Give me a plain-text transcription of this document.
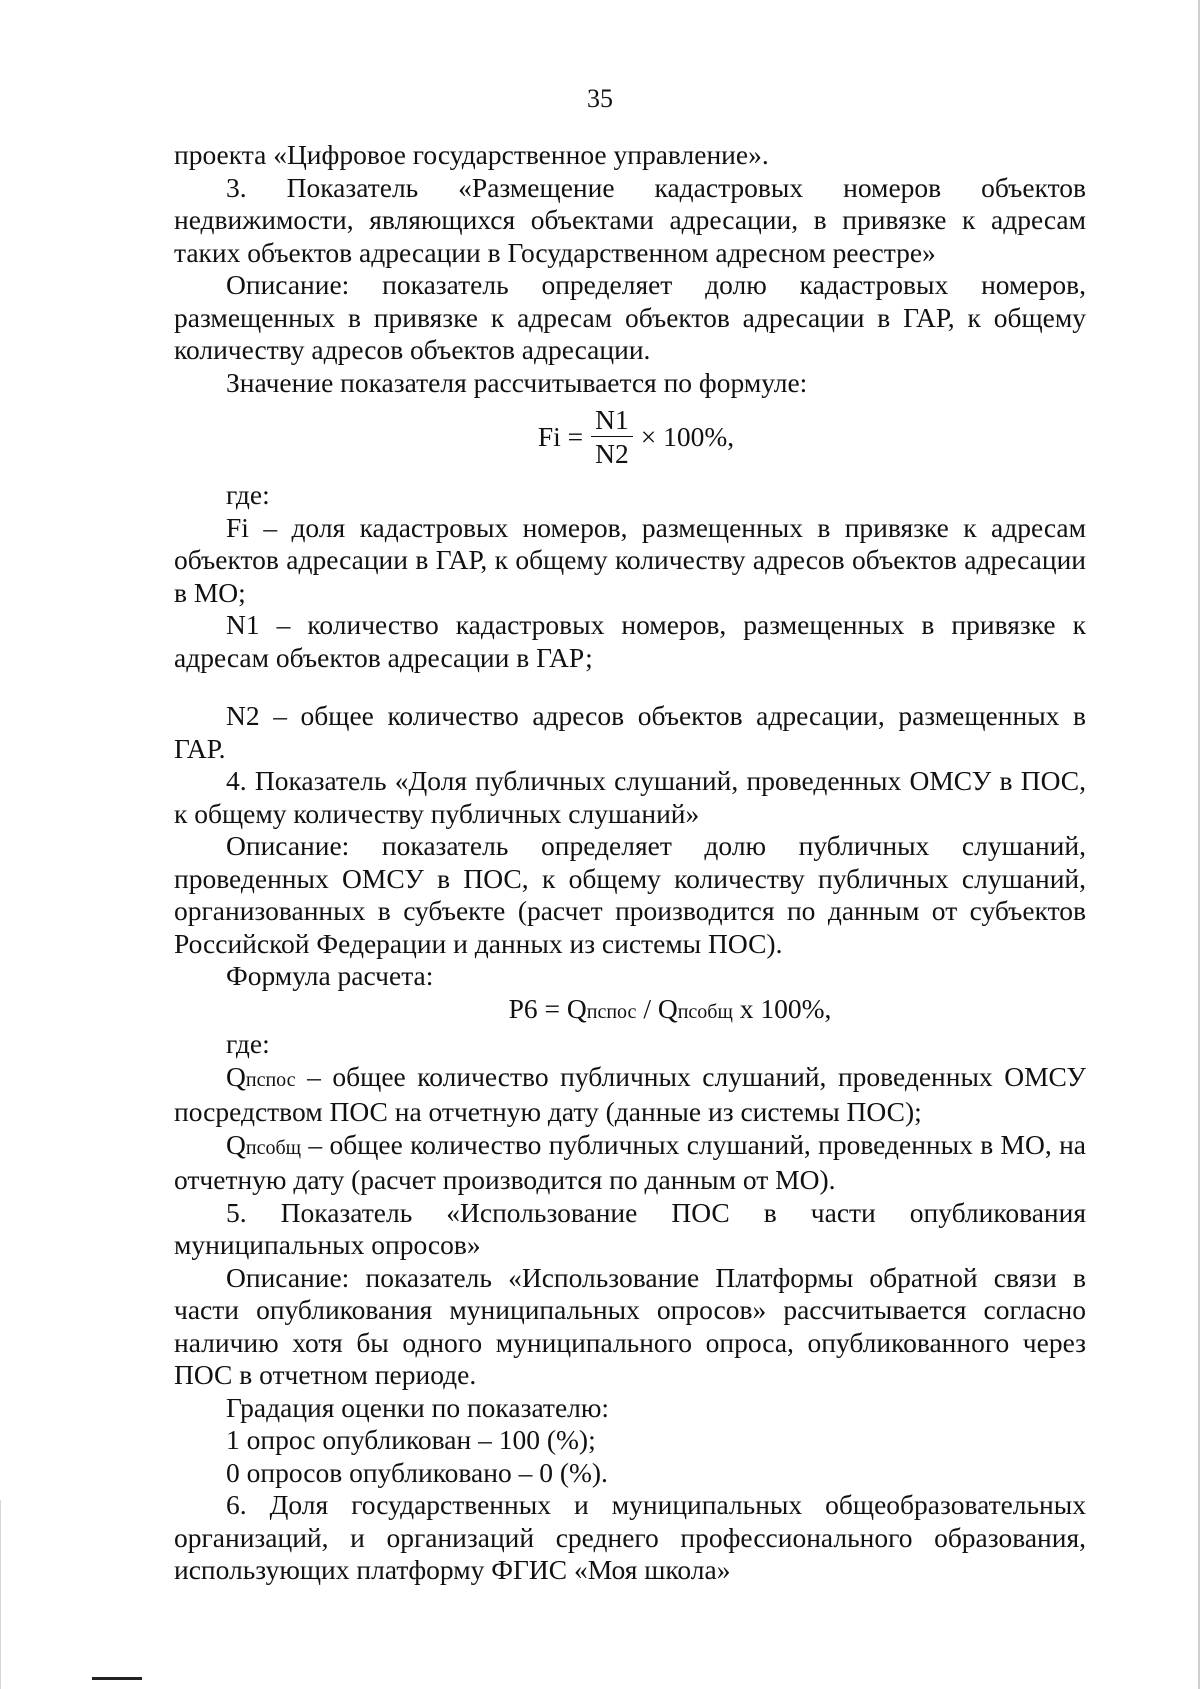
35

проекта «Цифровое государственное управление».

3. Показатель «Размещение кадастровых номеров объектов недвижимости, являющихся объектами адресации, в привязке к адресам таких объектов адресации в Государственном адресном реестре»

Описание: показатель определяет долю кадастровых номеров, размещенных в привязке к адресам объектов адресации в ГАР, к общему количеству адресов объектов адресации.

Значение показателя рассчитывается по формуле:

$Fi = \frac{N1}{N2} \times 100\%$,

где:

Fi – доля кадастровых номеров, размещенных в привязке к адресам объектов адресации в ГАР, к общему количеству адресов объектов адресации в МО;

N1 – количество кадастровых номеров, размещенных в привязке к адресам объектов адресации в ГАР;

N2 – общее количество адресов объектов адресации, размещенных в ГАР.

4. Показатель «Доля публичных слушаний, проведенных ОМСУ в ПОС, к общему количеству публичных слушаний»

Описание: показатель определяет долю публичных слушаний, проведенных ОМСУ в ПОС, к общему количеству публичных слушаний, организованных в субъекте (расчет производится по данным от субъектов Российской Федерации и данных из системы ПОС).

Формула расчета:

P6 = Qпспос / Qпсобщ x 100%,

где:

Qпспос – общее количество публичных слушаний, проведенных ОМСУ посредством ПОС на отчетную дату (данные из системы ПОС);

Qпсобщ – общее количество публичных слушаний, проведенных в МО, на отчетную дату (расчет производится по данным от МО).

5. Показатель «Использование ПОС в части опубликования муниципальных опросов»

Описание: показатель «Использование Платформы обратной связи в части опубликования муниципальных опросов» рассчитывается согласно наличию хотя бы одного муниципального опроса, опубликованного через ПОС в отчетном периоде.

Градация оценки по показателю:

1 опрос опубликован – 100 (%);

0 опросов опубликовано – 0 (%).

6. Доля государственных и муниципальных общеобразовательных организаций, и организаций среднего профессионального образования, использующих платформу ФГИС «Моя школа»
